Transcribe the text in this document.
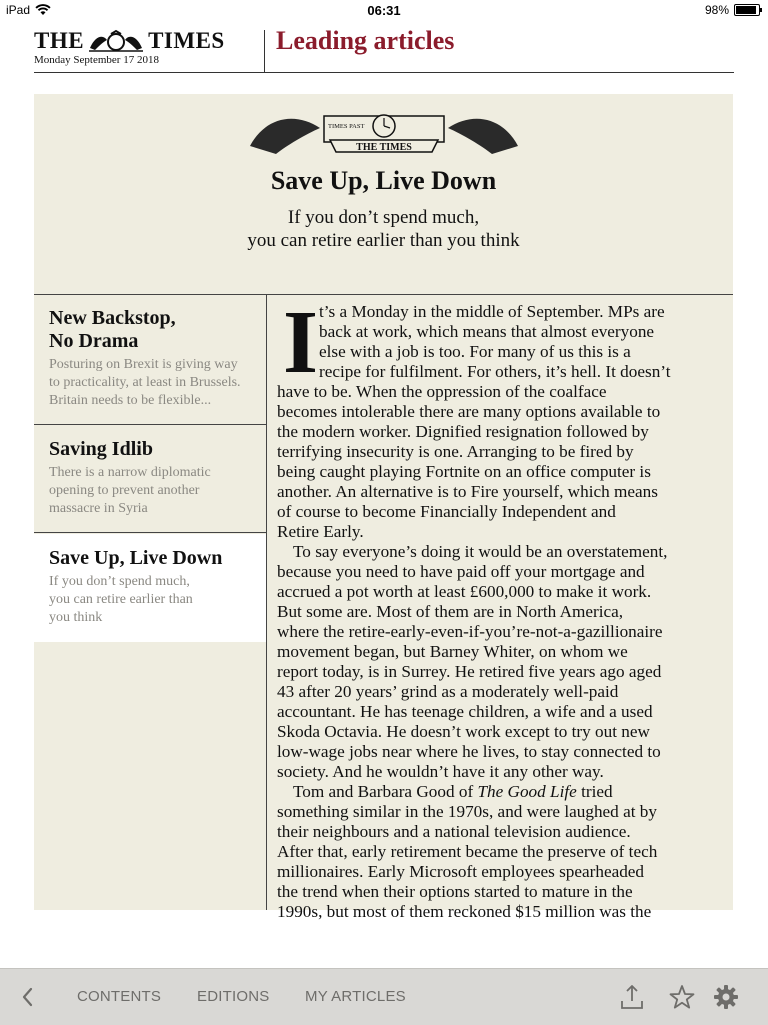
iPad	06:31	98%
THE	TIMES
Monday September 17 2018
Leading articles
TIMES PAST
THE TIMES
Save Up, Live Down
If you don’t spend much,
you can retire earlier than you think
New Backstop,
No Drama
Posturing on Brexit is giving way
to practicality, at least in Brussels.
Britain needs to be flexible...
Saving Idlib
There is a narrow diplomatic
opening to prevent another
massacre in Syria
Save Up, Live Down
If you don’t spend much,
you can retire earlier than
you think
I t’s a Monday in the middle of September. MPs are
back at work, which means that almost everyone
else with a job is too. For many of us this is a
recipe for fulfilment. For others, it’s hell. It doesn’t
have to be. When the oppression of the coalface
becomes intolerable there are many options available to
the modern worker. Dignified resignation followed by
terrifying insecurity is one. Arranging to be fired by
being caught playing Fortnite on an office computer is
another. An alternative is to Fire yourself, which means
of course to become Financially Independent and
Retire Early.

To say everyone’s doing it would be an overstatement,
because you need to have paid off your mortgage and
accrued a pot worth at least £600,000 to make it work.
But some are. Most of them are in North America,
where the retire-early-even-if-you’re-not-a-gazillionaire
movement began, but Barney Whiter, on whom we
report today, is in Surrey. He retired five years ago aged
43 after 20 years’ grind as a moderately well-paid
accountant. He has teenage children, a wife and a used
Skoda Octavia. He doesn’t work except to try out new
low-wage jobs near where he lives, to stay connected to
society. And he wouldn’t have it any other way.

Tom and Barbara Good of The Good Life tried
something similar in the 1970s, and were laughed at by
their neighbours and a national television audience.
After that, early retirement became the preserve of tech
millionaires. Early Microsoft employees spearheaded
the trend when their options started to mature in the
1990s, but most of them reckoned $15 million was the

CONTENTS EDITIONS MY ARTICLES
